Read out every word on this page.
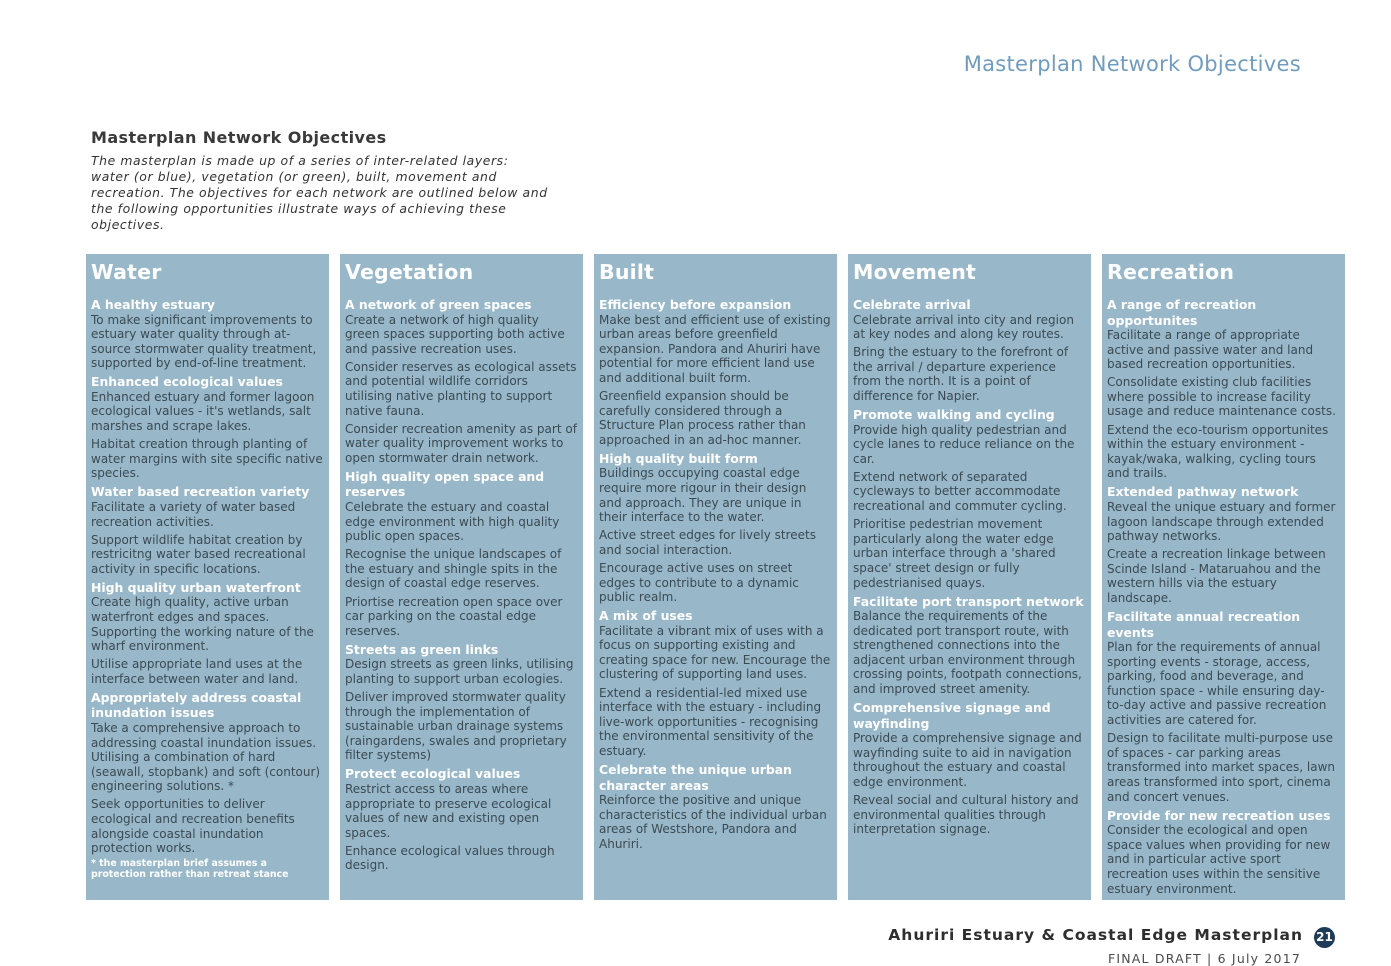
Masterplan Network Objectives
Masterplan Network Objectives

The masterplan is made up of a series of inter-related layers: water (or blue), vegetation (or green), built, movement and recreation. The objectives for each network are outlined below and the following opportunities illustrate ways of achieving these objectives.

Water
A healthy estuary
To make significant improvements to estuary water quality through at-source stormwater quality treatment, supported by end-of-line treatment.
Enhanced ecological values
Enhanced estuary and former lagoon ecological values - it's wetlands, salt marshes and scrape lakes.
Habitat creation through planting of water margins with site specific native species.
Water based recreation variety
Facilitate a variety of water based recreation activities.
Support wildlife habitat creation by restricitng water based recreational activity in specific locations.
High quality urban waterfront
Create high quality, active urban waterfront edges and spaces. Supporting the working nature of the wharf environment.
Utilise appropriate land uses at the interface between water and land.
Appropriately address coastal inundation issues
Take a comprehensive approach to addressing coastal inundation issues. Utilising a combination of hard (seawall, stopbank) and soft (contour) engineering solutions. *
Seek opportunities to deliver ecological and recreation benefits alongside coastal inundation protection works.
* the masterplan brief assumes a protection rather than retreat stance
Vegetation
A network of green spaces
Create a network of high quality green spaces supporting both active and passive recreation uses.
Consider reserves as ecological assets and potential wildlife corridors utilising native planting to support native fauna.
Consider recreation amenity as part of water quality improvement works to open stormwater drain network.
High quality open space and reserves
Celebrate the estuary and coastal edge environment with high quality public open spaces.
Recognise the unique landscapes of the estuary and shingle spits in the design of coastal edge reserves.
Priortise recreation open space over car parking on the coastal edge reserves.
Streets as green links
Design streets as green links, utilising planting to support urban ecologies.
Deliver improved stormwater quality through the implementation of sustainable urban drainage systems (raingardens, swales and proprietary filter systems)
Protect ecological values
Restrict access to areas where appropriate to preserve ecological values of new and existing open spaces.
Enhance ecological values through design.
Built
Efficiency before expansion
Make best and efficient use of existing urban areas before greenfield expansion. Pandora and Ahuriri have potential for more efficient land use and additional built form.
Greenfield expansion should be carefully considered through a Structure Plan process rather than approached in an ad-hoc manner.
High quality built form
Buildings occupying coastal edge require more rigour in their design and approach. They are unique in their interface to the water.
Active street edges for lively streets and social interaction.
Encourage active uses on street edges to contribute to a dynamic public realm.
A mix of uses
Facilitate a vibrant mix of uses with a focus on supporting existing and creating space for new. Encourage the clustering of supporting land uses.
Extend a residential-led mixed use interface with the estuary - including live-work opportunities - recognising the environmental sensitivity of the estuary.
Celebrate the unique urban character areas
Reinforce the positive and unique characteristics of the individual urban areas of Westshore, Pandora and Ahuriri.
Movement
Celebrate arrival
Celebrate arrival into city and region at key nodes and along key routes.
Bring the estuary to the forefront of the arrival / departure experience from the north. It is a point of difference for Napier.
Promote walking and cycling
Provide high quality pedestrian and cycle lanes to reduce reliance on the car.
Extend network of separated cycleways to better accommodate recreational and commuter cycling.
Prioritise pedestrian movement particularly along the water edge urban interface through a 'shared space' street design or fully pedestrianised quays.
Facilitate port transport network
Balance the requirements of the dedicated port transport route, with strengthened connections into the adjacent urban environment through crossing points, footpath connections, and improved street amenity.
Comprehensive signage and wayfinding
Provide a comprehensive signage and wayfinding suite to aid in navigation throughout the estuary and coastal edge environment.
Reveal social and cultural history and environmental qualities through interpretation signage.
Recreation
A range of recreation opportunites
Facilitate a range of appropriate active and passive water and land based recreation opportunities.
Consolidate existing club facilities where possible to increase facility usage and reduce maintenance costs.
Extend the eco-tourism opportunites within the estuary environment - kayak/waka, walking, cycling tours and trails.
Extended pathway network
Reveal the unique estuary and former lagoon landscape through extended pathway networks.
Create a recreation linkage between Scinde Island - Mataruahou and the western hills via the estuary landscape.
Facilitate annual recreation events
Plan for the requirements of annual sporting events - storage, access, parking, food and beverage, and function space - while ensuring day-to-day active and passive recreation activities are catered for.
Design to facilitate multi-purpose use of spaces - car parking areas transformed into market spaces, lawn areas transformed into sport, cinema and concert venues.
Provide for new recreation uses
Consider the ecological and open space values when providing for new and in particular active sport recreation uses within the sensitive estuary environment.
Ahuriri Estuary & Coastal Edge Masterplan 21
FINAL DRAFT | 6 July 2017
